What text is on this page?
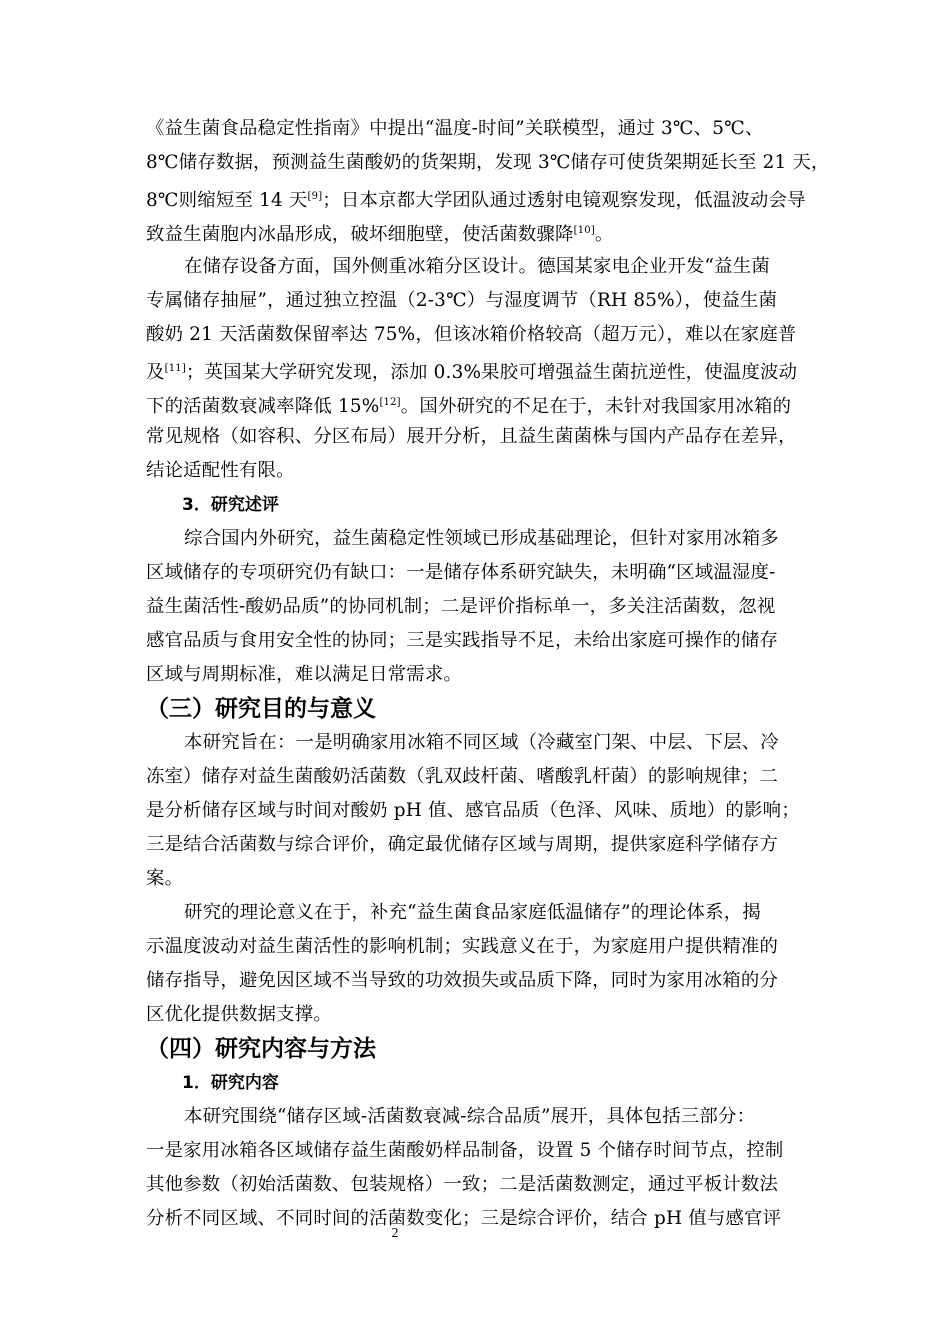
《益生菌食品稳定性指南》中提出“温度-时间”关联模型，通过 3℃、5℃、
8℃储存数据，预测益生菌酸奶的货架期，发现 3℃储存可使货架期延长至 21 天，
8℃则缩短至 14 天[9]；日本京都大学团队通过透射电镜观察发现，低温波动会导
致益生菌胞内冰晶形成，破坏细胞壁，使活菌数骤降[10]。
在储存设备方面，国外侧重冰箱分区设计。德国某家电企业开发“益生菌
专属储存抽屉”，通过独立控温（2-3℃）与湿度调节（RH 85%），使益生菌
酸奶 21 天活菌数保留率达 75%，但该冰箱价格较高（超万元），难以在家庭普
及[11]；英国某大学研究发现，添加 0.3%果胶可增强益生菌抗逆性，使温度波动
下的活菌数衰减率降低 15%[12]。国外研究的不足在于，未针对我国家用冰箱的
常见规格（如容积、分区布局）展开分析，且益生菌菌株与国内产品存在差异，
结论适配性有限。
3．研究述评
综合国内外研究，益生菌稳定性领域已形成基础理论，但针对家用冰箱多
区域储存的专项研究仍有缺口：一是储存体系研究缺失，未明确“区域温湿度-
益生菌活性-酸奶品质”的协同机制；二是评价指标单一，多关注活菌数，忽视
感官品质与食用安全性的协同；三是实践指导不足，未给出家庭可操作的储存
区域与周期标准，难以满足日常需求。
（三）研究目的与意义
本研究旨在：一是明确家用冰箱不同区域（冷藏室门架、中层、下层、冷
冻室）储存对益生菌酸奶活菌数（乳双歧杆菌、嗜酸乳杆菌）的影响规律；二
是分析储存区域与时间对酸奶 pH 值、感官品质（色泽、风味、质地）的影响；
三是结合活菌数与综合评价，确定最优储存区域与周期，提供家庭科学储存方
案。
研究的理论意义在于，补充“益生菌食品家庭低温储存”的理论体系，揭
示温度波动对益生菌活性的影响机制；实践意义在于，为家庭用户提供精准的
储存指导，避免因区域不当导致的功效损失或品质下降，同时为家用冰箱的分
区优化提供数据支撑。
（四）研究内容与方法
1．研究内容
本研究围绕“储存区域-活菌数衰减-综合品质”展开，具体包括三部分：
一是家用冰箱各区域储存益生菌酸奶样品制备，设置 5 个储存时间节点，控制
其他参数（初始活菌数、包装规格）一致；二是活菌数测定，通过平板计数法
分析不同区域、不同时间的活菌数变化；三是综合评价，结合 pH 值与感官评
2
